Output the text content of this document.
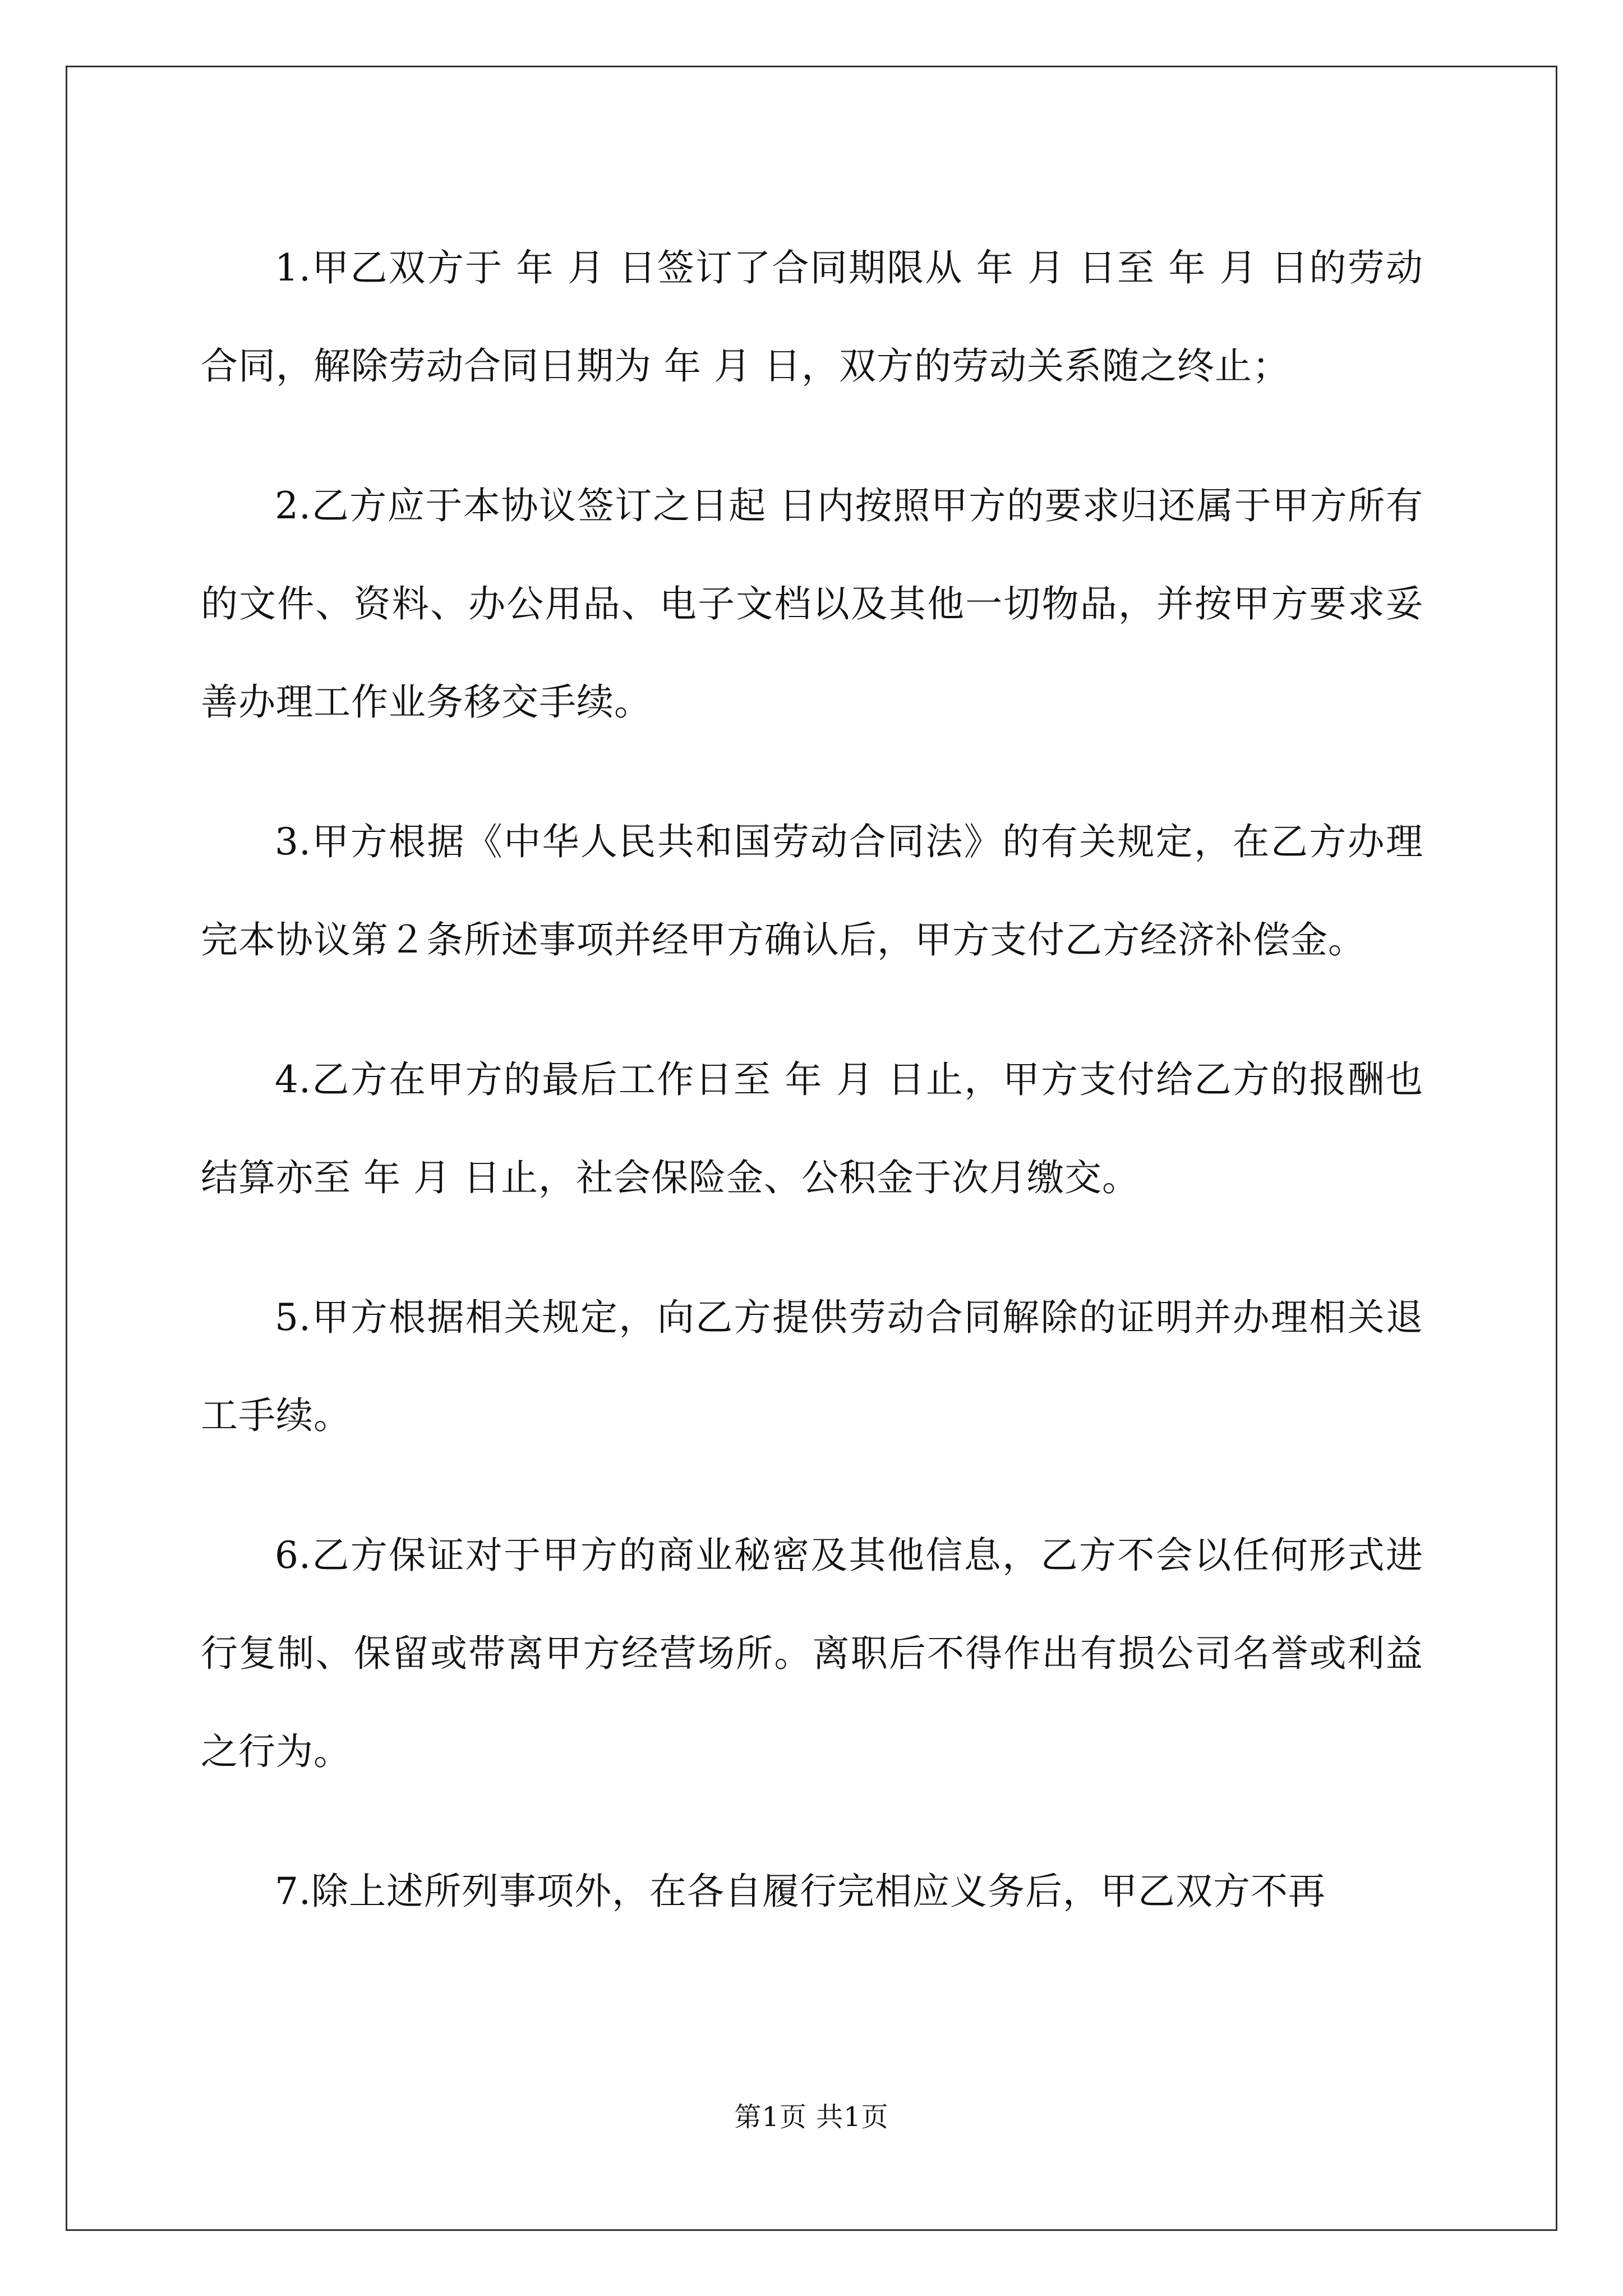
1.甲乙双方于 年 月 日签订了合同期限从 年 月 日至 年 月 日的劳动合同，解除劳动合同日期为 年 月 日，双方的劳动关系随之终止；

2.乙方应于本协议签订之日起 日内按照甲方的要求归还属于甲方所有的文件、资料、办公用品、电子文档以及其他一切物品，并按甲方要求妥善办理工作业务移交手续。

3.甲方根据《中华人民共和国劳动合同法》的有关规定，在乙方办理完本协议第２条所述事项并经甲方确认后，甲方支付乙方经济补偿金。

4.乙方在甲方的最后工作日至 年 月 日止，甲方支付给乙方的报酬也结算亦至 年 月 日止，社会保险金、公积金于次月缴交。

5.甲方根据相关规定，向乙方提供劳动合同解除的证明并办理相关退工手续。

6.乙方保证对于甲方的商业秘密及其他信息，乙方不会以任何形式进行复制、保留或带离甲方经营场所。离职后不得作出有损公司名誉或利益之行为。

7.除上述所列事项外，在各自履行完相应义务后，甲乙双方不再

第1页 共1页
